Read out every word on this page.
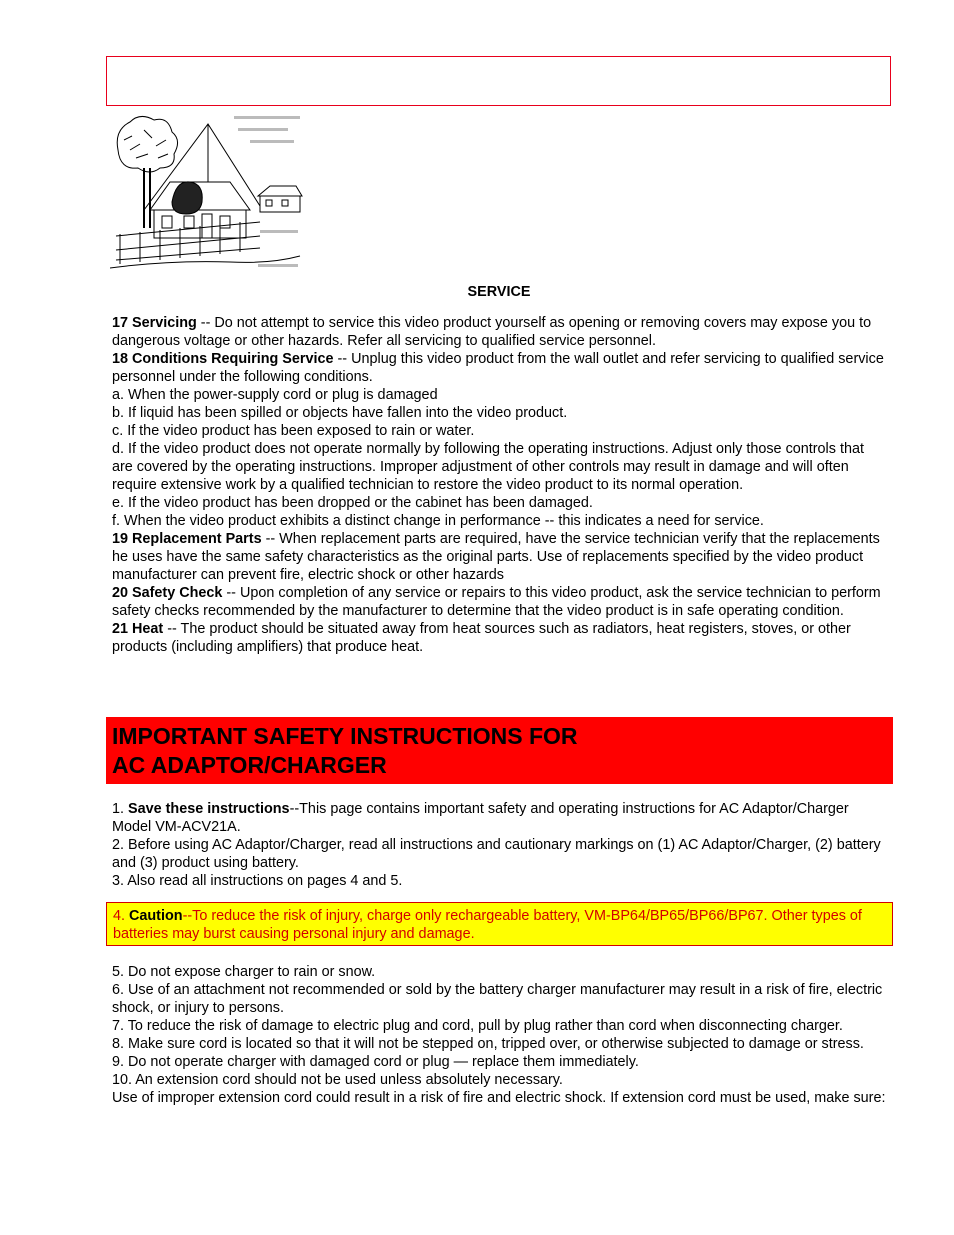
SERVICE

17 Servicing -- Do not attempt to service this video product yourself as opening or removing covers may expose you to dangerous voltage or other hazards. Refer all servicing to qualified service personnel.

18 Conditions Requiring Service -- Unplug this video product from the wall outlet and refer servicing to qualified service personnel under the following conditions.

a. When the power-supply cord or plug is damaged

b. If liquid has been spilled or objects have fallen into the video product.

c. If the video product has been exposed to rain or water.

d. If the video product does not operate normally by following the operating instructions. Adjust only those controls that are covered by the operating instructions. Improper adjustment of other controls may result in damage and will often require extensive work by a qualified technician to restore the video product to its normal operation.

e. If the video product has been dropped or the cabinet has been damaged.

f. When the video product exhibits a distinct change in performance -- this indicates a need for service.

19 Replacement Parts -- When replacement parts are required, have the service technician verify that the replacements he uses have the same safety characteristics as the original parts. Use of replacements specified by the video product manufacturer can prevent fire, electric shock or other hazards

20 Safety Check -- Upon completion of any service or repairs to this video product, ask the service technician to perform safety checks recommended by the manufacturer to determine that the video product is in safe operating condition.

21 Heat -- The product should be situated away from heat sources such as radiators, heat registers, stoves, or other products (including amplifiers) that produce heat.

IMPORTANT SAFETY INSTRUCTIONS FOR
AC ADAPTOR/CHARGER

1. Save these instructions--This page contains important safety and operating instructions for AC Adaptor/Charger Model VM-ACV21A.

2. Before using AC Adaptor/Charger, read all instructions and cautionary markings on (1) AC Adaptor/Charger, (2) battery and (3) product using battery.

3. Also read all instructions on pages 4 and 5.

4. Caution--To reduce the risk of injury, charge only rechargeable battery, VM-BP64/BP65/BP66/BP67. Other types of batteries may burst causing personal injury and damage.

5. Do not expose charger to rain or snow.

6. Use of an attachment not recommended or sold by the battery charger manufacturer may result in a risk of fire, electric shock, or injury to persons.

7. To reduce the risk of damage to electric plug and cord, pull by plug rather than cord when disconnecting charger.

8. Make sure cord is located so that it will not be stepped on, tripped over, or otherwise subjected to damage or stress.

9. Do not operate charger with damaged cord or plug — replace them immediately.

10. An extension cord should not be used unless absolutely necessary.

Use of improper extension cord could result in a risk of fire and electric shock. If extension cord must be used, make sure:
